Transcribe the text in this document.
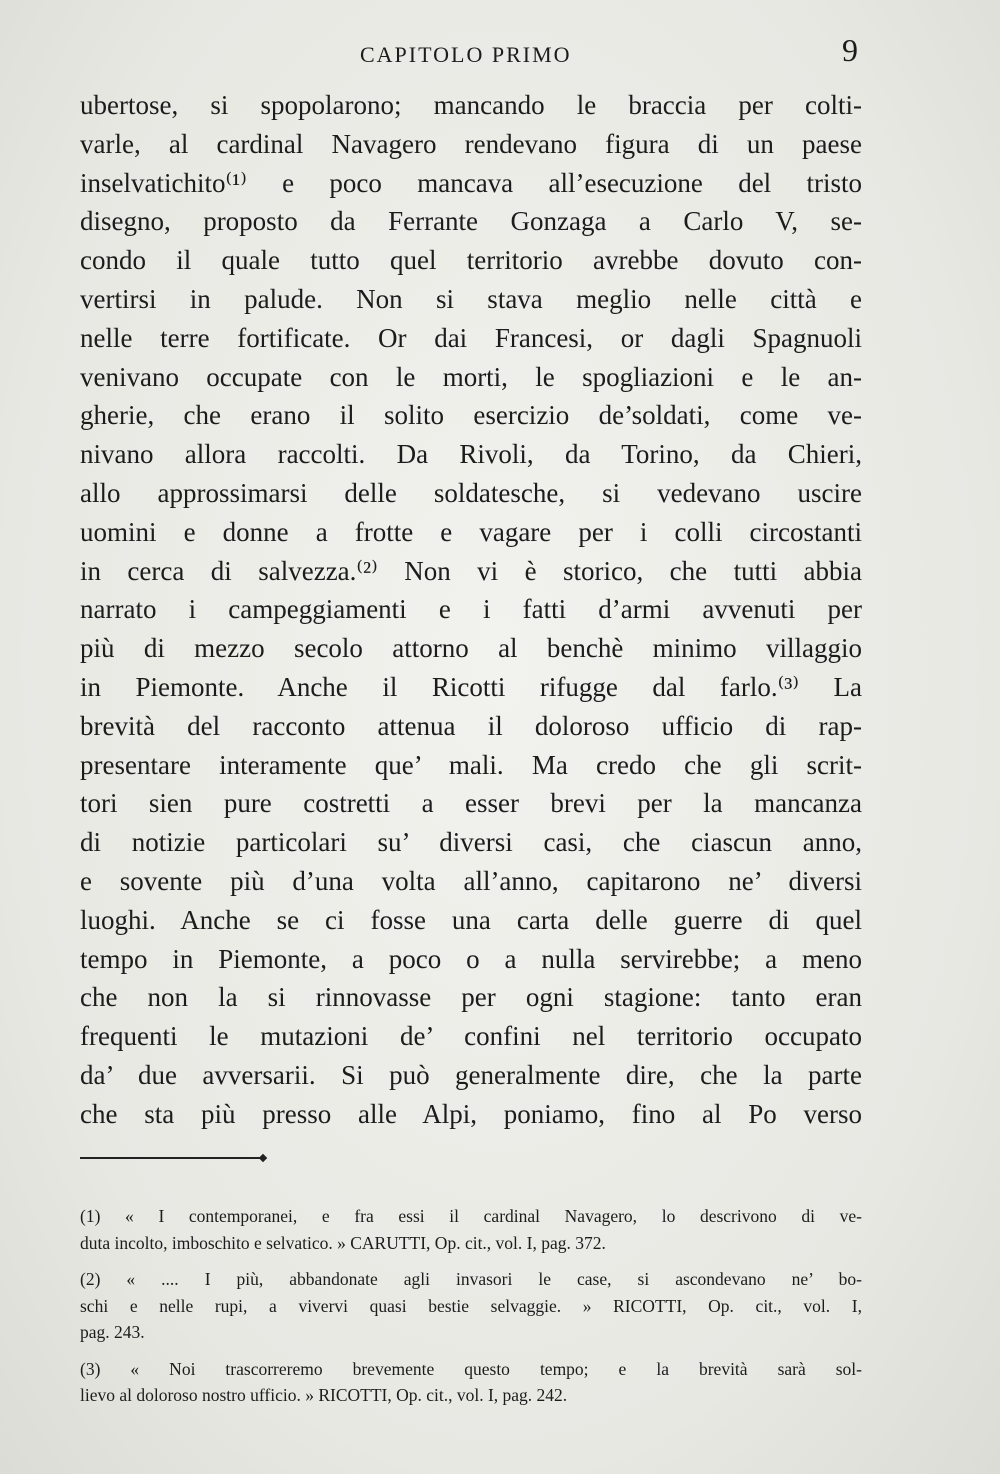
CAPITOLO PRIMO	9
ubertose, si spopolarono; mancando le braccia per colti-
varle, al cardinal Navagero rendevano figura di un paese
inselvatichito⁽¹⁾ e poco mancava all’esecuzione del tristo
disegno, proposto da Ferrante Gonzaga a Carlo V, se-
condo il quale tutto quel territorio avrebbe dovuto con-
vertirsi in palude. Non si stava meglio nelle città e
nelle terre fortificate. Or dai Francesi, or dagli Spagnuoli
venivano occupate con le morti, le spogliazioni e le an-
gherie, che erano il solito esercizio de’soldati, come ve-
nivano allora raccolti. Da Rivoli, da Torino, da Chieri,
allo approssimarsi delle soldatesche, si vedevano uscire
uomini e donne a frotte e vagare per i colli circostanti
in cerca di salvezza.⁽²⁾ Non vi è storico, che tutti abbia
narrato i campeggiamenti e i fatti d’armi avvenuti per
più di mezzo secolo attorno al benchè minimo villaggio
in Piemonte. Anche il Ricotti rifugge dal farlo.⁽³⁾ La
brevità del racconto attenua il doloroso ufficio di rap-
presentare interamente que’ mali. Ma credo che gli scrit-
tori sien pure costretti a esser brevi per la mancanza
di notizie particolari su’ diversi casi, che ciascun anno,
e sovente più d’una volta all’anno, capitarono ne’ diversi
luoghi. Anche se ci fosse una carta delle guerre di quel
tempo in Piemonte, a poco o a nulla servirebbe; a meno
che non la si rinnovasse per ogni stagione: tanto eran
frequenti le mutazioni de’ confini nel territorio occupato
da’ due avversarii. Si può generalmente dire, che la parte
che sta più presso alle Alpi, poniamo, fino al Po verso
(1) « I contemporanei, e fra essi il cardinal Navagero, lo descrivono di ve-
duta incolto, imboschito e selvatico. » CARUTTI, Op. cit., vol. I, pag. 372.
(2) « .... I più, abbandonate agli invasori le case, si ascondevano ne’ bo-
schi e nelle rupi, a vivervi quasi bestie selvaggie. » RICOTTI, Op. cit., vol. I,
pag. 243.
(3) « Noi trascorreremo brevemente questo tempo; e la brevità sarà sol-
lievo al doloroso nostro ufficio. » RICOTTI, Op. cit., vol. I, pag. 242.
